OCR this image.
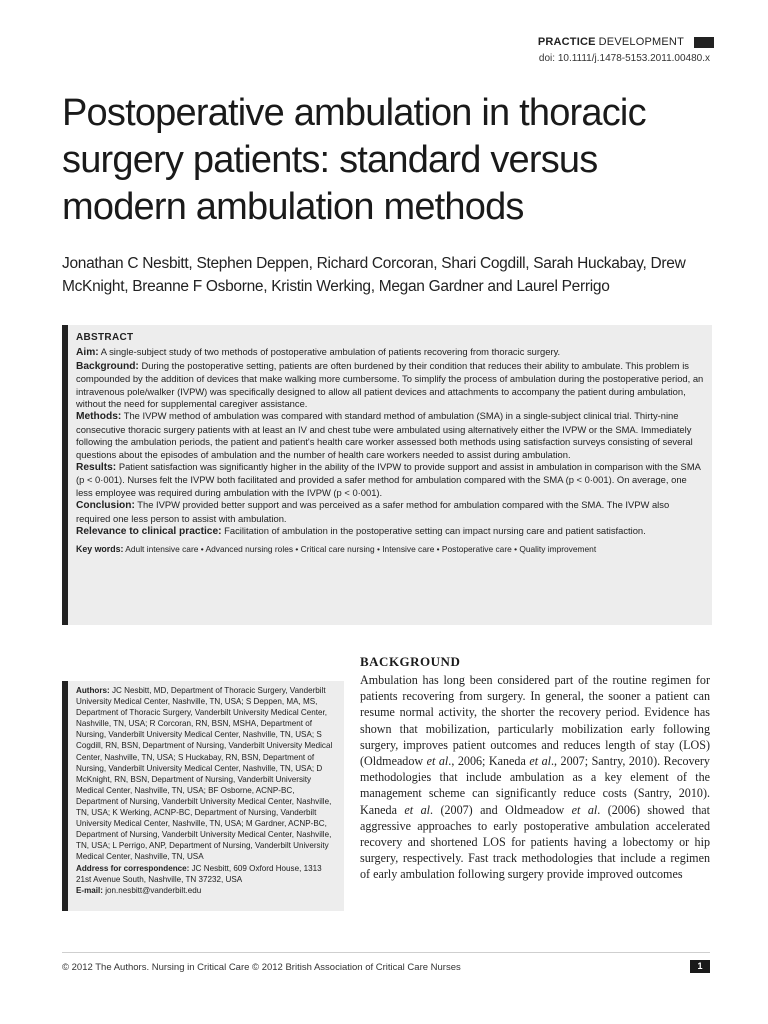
PRACTICE DEVELOPMENT
doi: 10.1111/j.1478-5153.2011.00480.x
Postoperative ambulation in thoracic surgery patients: standard versus modern ambulation methods
Jonathan C Nesbitt, Stephen Deppen, Richard Corcoran, Shari Cogdill, Sarah Huckabay, Drew McKnight, Breanne F Osborne, Kristin Werking, Megan Gardner and Laurel Perrigo
ABSTRACT

Aim: A single-subject study of two methods of postoperative ambulation of patients recovering from thoracic surgery.

Background: During the postoperative setting, patients are often burdened by their condition that reduces their ability to ambulate. This problem is compounded by the addition of devices that make walking more cumbersome. To simplify the process of ambulation during the postoperative period, an intravenous pole/walker (IVPW) was specifically designed to allow all patient devices and attachments to accompany the patient during ambulation, without the need for supplemental caregiver assistance.

Methods: The IVPW method of ambulation was compared with standard method of ambulation (SMA) in a single-subject clinical trial. Thirty-nine consecutive thoracic surgery patients with at least an IV and chest tube were ambulated using alternatively either the IVPW or the SMA. Immediately following the ambulation periods, the patient and patient's health care worker assessed both methods using satisfaction surveys consisting of several questions about the episodes of ambulation and the number of health care workers needed to assist during ambulation.

Results: Patient satisfaction was significantly higher in the ability of the IVPW to provide support and assist in ambulation in comparison with the SMA (p < 0·001). Nurses felt the IVPW both facilitated and provided a safer method for ambulation compared with the SMA (p < 0·001). On average, one less employee was required during ambulation with the IVPW (p < 0·001).

Conclusion: The IVPW provided better support and was perceived as a safer method for ambulation compared with the SMA. The IVPW also required one less person to assist with ambulation.

Relevance to clinical practice: Facilitation of ambulation in the postoperative setting can impact nursing care and patient satisfaction.

Key words: Adult intensive care • Advanced nursing roles • Critical care nursing • Intensive care • Postoperative care • Quality improvement

Authors: JC Nesbitt, MD, Department of Thoracic Surgery, Vanderbilt University Medical Center, Nashville, TN, USA; S Deppen, MA, MS, Department of Thoracic Surgery, Vanderbilt University Medical Center, Nashville, TN, USA; R Corcoran, RN, BSN, MSHA, Department of Nursing, Vanderbilt University Medical Center, Nashville, TN, USA; S Cogdill, RN, BSN, Department of Nursing, Vanderbilt University Medical Center, Nashville, TN, USA; S Huckabay, RN, BSN, Department of Nursing, Vanderbilt University Medical Center, Nashville, TN, USA; D McKnight, RN, BSN, Department of Nursing, Vanderbilt University Medical Center, Nashville, TN, USA; BF Osborne, ACNP-BC, Department of Nursing, Vanderbilt University Medical Center, Nashville, TN, USA; K Werking, ACNP-BC, Department of Nursing, Vanderbilt University Medical Center, Nashville, TN, USA; M Gardner, ACNP-BC, Department of Nursing, Vanderbilt University Medical Center, Nashville, TN, USA; L Perrigo, ANP, Department of Nursing, Vanderbilt University Medical Center, Nashville, TN, USA

Address for correspondence: JC Nesbitt, 609 Oxford House, 1313 21st Avenue South, Nashville, TN 37232, USA

E-mail: jon.nesbitt@vanderbilt.edu

BACKGROUND

Ambulation has long been considered part of the routine regimen for patients recovering from surgery. In general, the sooner a patient can resume normal activity, the shorter the recovery period. Evidence has shown that mobilization, particularly mobilization early following surgery, improves patient outcomes and reduces length of stay (LOS) (Oldmeadow et al., 2006; Kaneda et al., 2007; Santry, 2010). Recovery methodologies that include ambulation as a key element of the management scheme can significantly reduce costs (Santry, 2010). Kaneda et al. (2007) and Oldmeadow et al. (2006) showed that aggressive approaches to early postoperative ambulation accelerated recovery and shortened LOS for patients having a lobectomy or hip surgery, respectively. Fast track methodologies that include a regimen of early ambulation following surgery provide improved outcomes

© 2012 The Authors. Nursing in Critical Care © 2012 British Association of Critical Care Nurses	1
